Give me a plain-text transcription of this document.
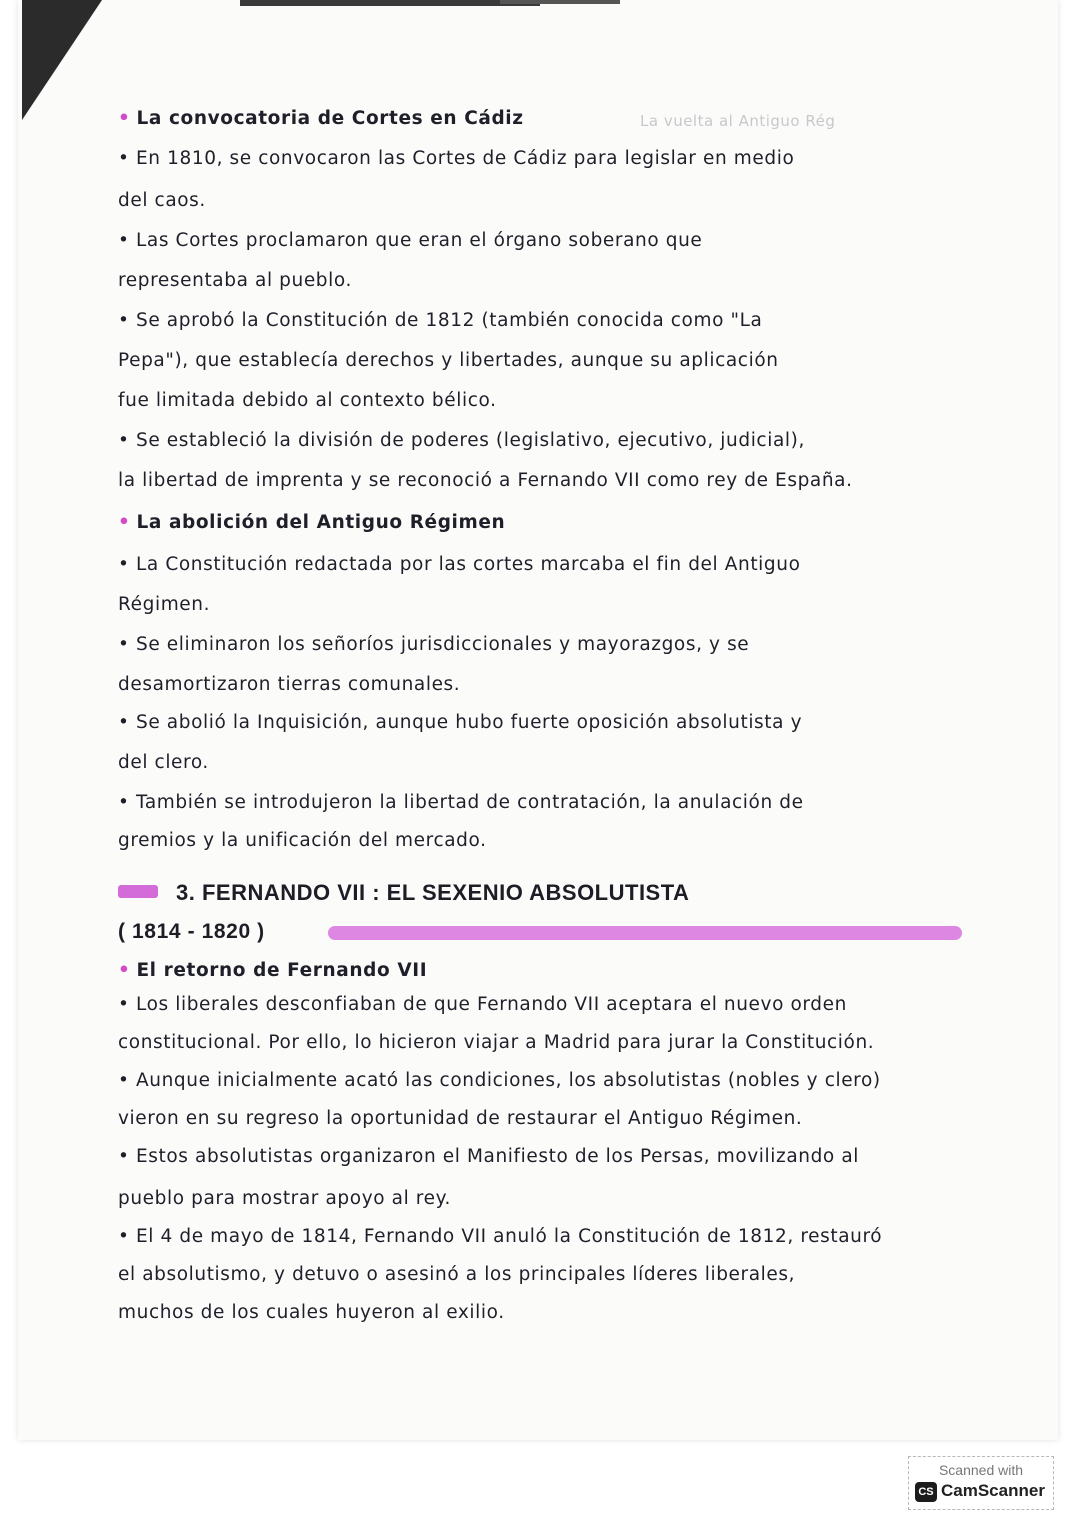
• La convocatoria de Cortes en Cádiz
• En 1810, se convocaron las Cortes de Cádiz para legislar en medio
del caos.
• Las Cortes proclamaron que eran el órgano soberano que
representaba al pueblo.
• Se aprobó la Constitución de 1812 (también conocida como "La
Pepa"), que establecía derechos y libertades, aunque su aplicación
fue limitada debido al contexto bélico.
• Se estableció la división de poderes (legislativo, ejecutivo, judicial),
la libertad de imprenta y se reconoció a Fernando VII como rey de España.
• La abolición del Antiguo Régimen
• La Constitución redactada por las cortes marcaba el fin del Antiguo
Régimen.
• Se eliminaron los señoríos jurisdiccionales y mayorazgos, y se
desamortizaron tierras comunales.
• Se abolió la Inquisición, aunque hubo fuerte oposición absolutista y
del clero.
• También se introdujeron la libertad de contratación, la anulación de
gremios y la unificación del mercado.
3. FERNANDO VII : EL SEXENIO ABSOLUTISTA
( 1814 - 1820 )
• El retorno de Fernando VII
• Los liberales desconfiaban de que Fernando VII aceptara el nuevo orden
constitucional. Por ello, lo hicieron viajar a Madrid para jurar la Constitución.
• Aunque inicialmente acató las condiciones, los absolutistas (nobles y clero)
vieron en su regreso la oportunidad de restaurar el Antiguo Régimen.
• Estos absolutistas organizaron el Manifiesto de los Persas, movilizando al
pueblo para mostrar apoyo al rey.
• El 4 de mayo de 1814, Fernando VII anuló la Constitución de 1812, restauró
el absolutismo, y detuvo o asesinó a los principales líderes liberales,
muchos de los cuales huyeron al exilio.
La vuelta al Antiguo Rég
Scanned with
CS CamScanner
